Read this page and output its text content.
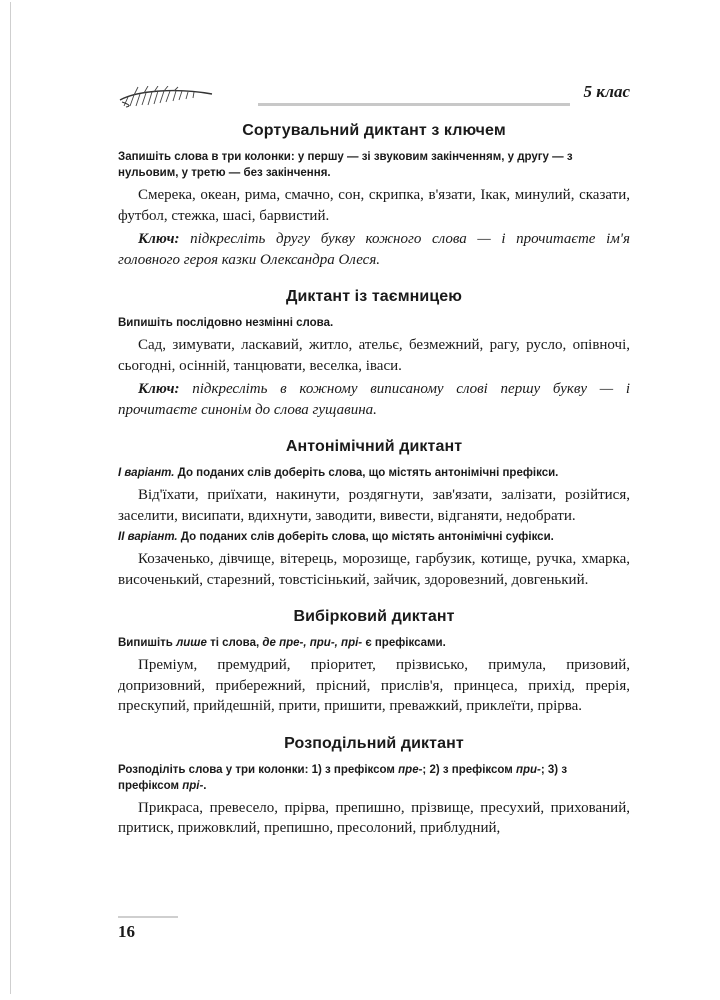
5 клас
Сортувальний диктант з ключем
Запишіть слова в три колонки: у першу — зі звуковим закінченням, у другу — з нульовим, у третю — без закінчення.

Смерека, океан, рима, смачно, сон, скрипка, в'язати, Ікак, минулий, сказати, футбол, стежка, шасі, барвистий.

Ключ: підкресліть другу букву кожного слова — і прочитаєте ім'я головного героя казки Олександра Олеся.

Диктант із таємницею
Випишіть послідовно незмінні слова.

Сад, зимувати, ласкавий, житло, ательє, безмежний, рагу, русло, опівночі, сьогодні, осінній, танцювати, веселка, іваси.

Ключ: підкресліть в кожному виписаному слові першу букву — і прочитаєте синонім до слова гущавина.

Антонімічний диктант
І варіант. До поданих слів доберіть слова, що містять антонімічні префікси.

Від'їхати, приїхати, накинути, роздягнути, зав'язати, залізати, розійтися, заселити, висипати, вдихнути, заводити, вивести, відганяти, недобрати.

ІІ варіант. До поданих слів доберіть слова, що містять антонімічні суфікси.

Козаченько, дівчище, вітерець, морозище, гарбузик, котище, ручка, хмарка, височенький, старезний, товстісінький, зайчик, здоровезний, довгенький.

Вибірковий диктант
Випишіть лише ті слова, де пре-, при-, прі- є префіксами.

Преміум, премудрий, пріоритет, прізвисько, примула, призовий, допризовний, прибережний, прісний, прислів'я, принцеса, прихід, прерія, прескупий, прийдешній, прити, пришити, преважкий, приклеїти, прірва.

Розподільний диктант
Розподіліть слова у три колонки: 1) з префіксом пре-; 2) з префіксом при-; 3) з префіксом прі-.

Прикраса, превесело, прірва, препишно, прізвище, пресухий, прихований, притиск, прижовклий, препишно, пресолоний, приблудний,

16
